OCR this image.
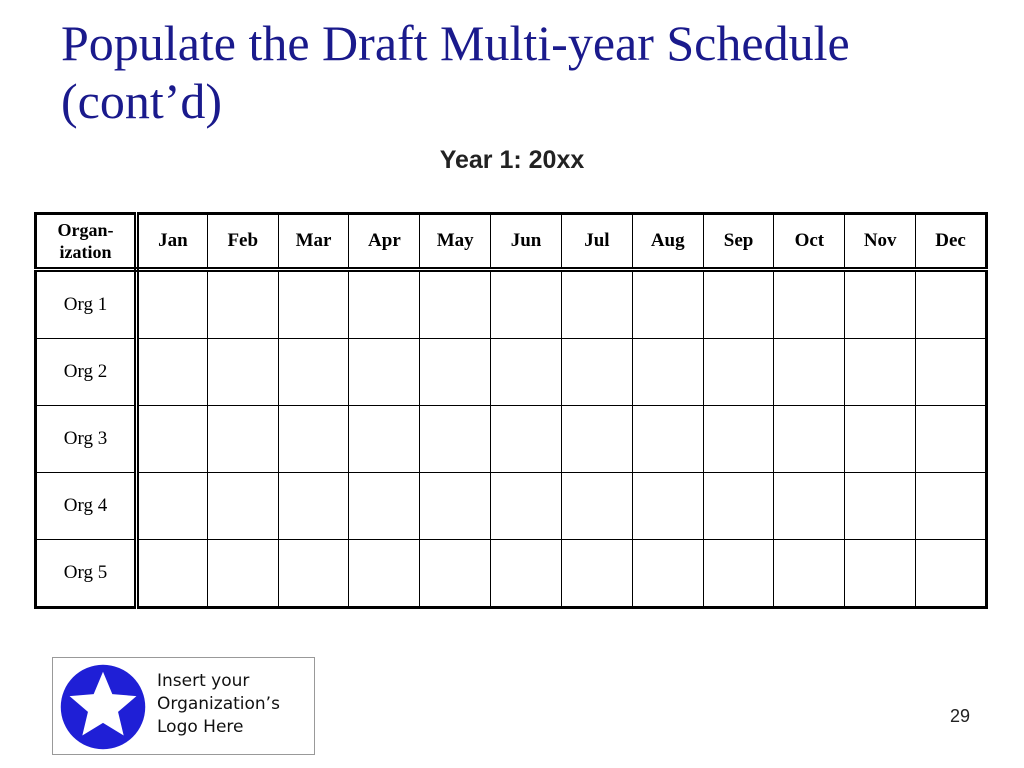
Populate the Draft Multi-year Schedule (cont’d)
Year 1: 20xx
Organ-
ization	Jan	Feb	Mar	Apr	May	Jun	Jul	Aug	Sep	Oct	Nov	Dec
Org 1												
Org 2												
Org 3												
Org 4												
Org 5												
Insert your
Organization’s
Logo Here
29
